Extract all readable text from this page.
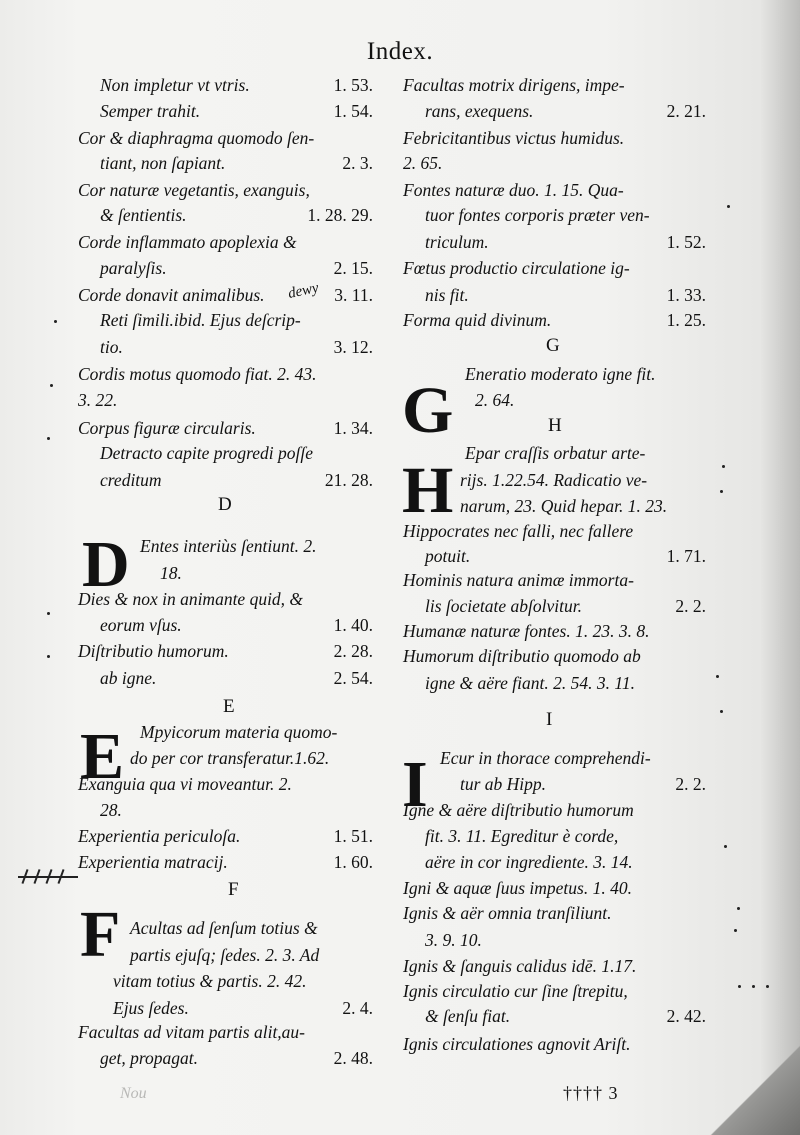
Index.
Non impletur vt vtris.	1. 53.
Semper trahit.	1. 54.
Cor & diaphragma quomodo ſen-
tiant, non ſapiant.	2. 3.
Cor naturæ vegetantis, exanguis,
& ſentientis.	1. 28. 29.
Corde inflammato apoplexia &
paralyſis.	2. 15.
Corde donavit animalibus.	3. 11.
Reti ſimili.ibid. Ejus deſcrip-
tio.	3. 12.
Cordis motus quomodo fiat. 2. 43.
3. 22.
Corpus figuræ circularis.	1. 34.
Detracto capite progredi poſſe
creditum	21. 28.
D
Entes interiùs ſentiunt. 2.
18.
Dies & nox in animante quid, &
eorum vſus.	1. 40.
Diſtributio humorum.	2. 28.
ab igne.	2. 54.
E
Mpyicorum materia quomo-
do per cor transferatur.1.62.
Exanguia qua vi moveantur. 2.
28.
Experientia periculoſa.	1. 51.
Experientia matracij.	1. 60.
F
Acultas ad ſenſum totius &
partis ejuſq; ſedes. 2. 3. Ad
vitam totius & partis. 2. 42.
Ejus ſedes.	2. 4.
Facultas ad vitam partis alit,au-
get, propagat.	2. 48.
Facultas motrix dirigens, impe-
rans, exequens.	2. 21.
Febricitantibus victus humidus.
2. 65.
Fontes naturæ duo. 1. 15. Qua-
tuor fontes corporis præter ven-
triculum.	1. 52.
Fœtus productio circulatione ig-
nis fit.	1. 33.
Forma quid divinum.	1. 25.
G
Eneratio moderato igne fit.
2. 64.
H
Epar craſſis orbatur arte-
rijs. 1.22.54. Radicatio ve-
narum, 23. Quid hepar. 1. 23.
Hippocrates nec falli, nec fallere
potuit.	1. 71.
Hominis natura animæ immorta-
lis ſocietate abſolvitur.	2. 2.
Humanæ naturæ fontes. 1. 23. 3. 8.
Humorum diſtributio quomodo ab
igne & aëre fiant. 2. 54. 3. 11.
I
Ecur in thorace comprehendi-
tur ab Hipp.	2. 2.
Igne & aëre diſtributio humorum
fit. 3. 11. Egreditur è corde,
aëre in cor ingrediente. 3. 14.
Igni & aquæ ſuus impetus. 1. 40.
Ignis & aër omnia tranſiliunt.
3. 9. 10.
Ignis & ſanguis calidus idē. 1.17.
Ignis circulatio cur ſine ſtrepitu,
& ſenſu fiat.	2. 42.
Ignis circulationes agnovit Ariſt.
Nou	†††† 3
D
E
F
G
H
I
dewy
